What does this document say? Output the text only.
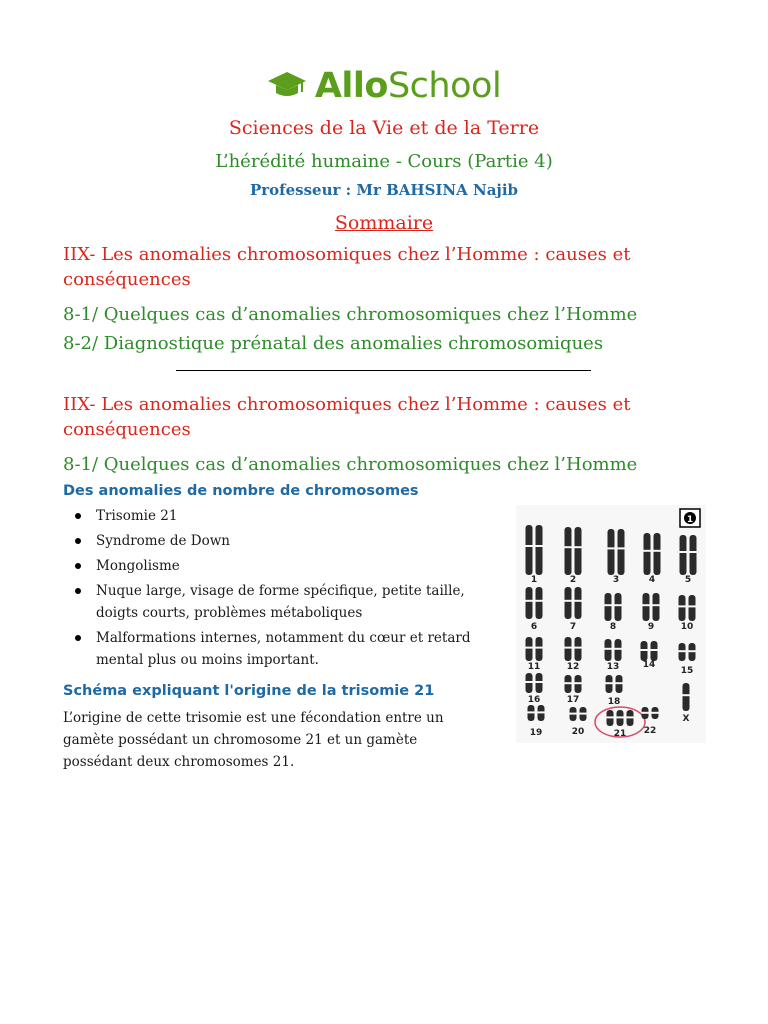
AlloSchool
Sciences de la Vie et de la Terre
L’hérédité humaine - Cours (Partie 4)
Professeur : Mr BAHSINA Najib
Sommaire
IIX- Les anomalies chromosomiques chez l’Homme : causes et conséquences
8-1/ Quelques cas d’anomalies chromosomiques chez l’Homme
8-2/ Diagnostique prénatal des anomalies chromosomiques
IIX- Les anomalies chromosomiques chez l’Homme : causes et conséquences
8-1/ Quelques cas d’anomalies chromosomiques chez l’Homme
Des anomalies de nombre de chromosomes
Trisomie 21
Syndrome de Down
Mongolisme
Nuque large, visage de forme spécifique, petite taille, doigts courts, problèmes métaboliques
Malformations internes, notamment du cœur et retard mental plus ou moins important.
Schéma expliquant l'origine de la trisomie 21
L’origine de cette trisomie est une fécondation entre un gamète possédant un chromosome 21 et un gamète possédant deux chromosomes 21.
1
1	2	3	4	5
6	7	8	9	10
11	12	13	14
15
16	17	18
19	20	21 22
X
